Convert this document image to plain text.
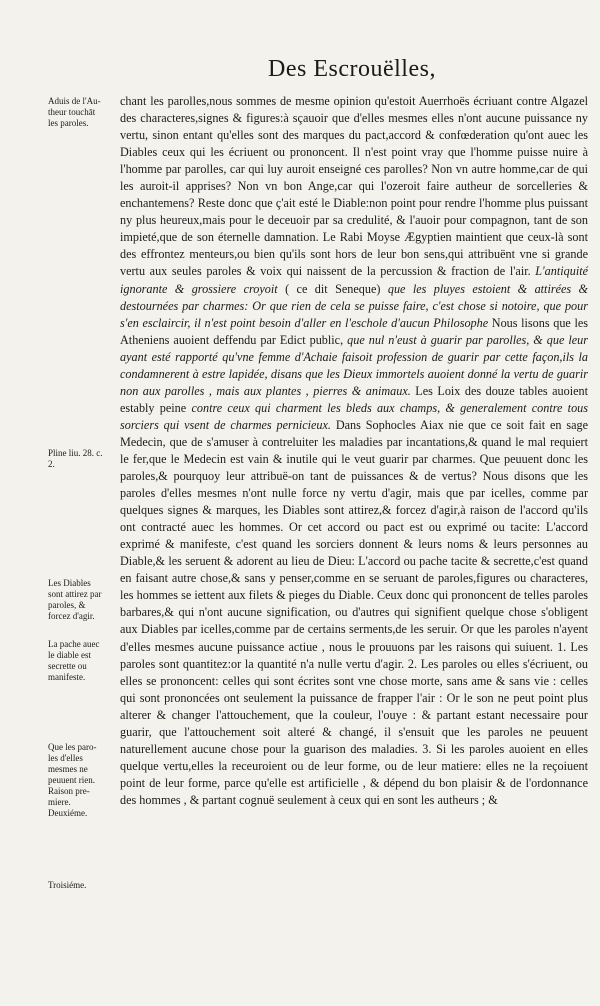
Des Escrouëlles,
Aduis de l'Au-
theur touchāt
les paroles.
Pline liu. 28. c.
2.
Les Diables
sont attirez par
paroles, &
forcez d'agir.
La pache auec
le diable est
secrette ou
manifeste.
Que les paro-
les d'elles
mesmes ne
peuuent rien.
Raison pre-
miere.
Deuxiéme.
Troisiéme.

chant les parolles,nous sommes de mesme opinion qu'estoit Auerrhoës écriuant contre Algazel des characteres,signes & figures:à sçauoir que d'elles mesmes elles n'ont aucune puissance ny vertu, sinon entant qu'elles sont des marques du pact,accord & confœderation qu'ont auec les Diables ceux qui les écriuent ou prononcent. Il n'est point vray que l'homme puisse nuire à l'homme par parolles, car qui luy auroit enseigné ces parolles? Non vn autre homme,car de qui les auroit-il apprises? Non vn bon Ange,car qui l'ozeroit faire autheur de sorcelleries & enchantemens? Reste donc que ç'ait esté le Diable:non point pour rendre l'homme plus puissant ny plus heureux,mais pour le deceuoir par sa credulité, & l'auoir pour compagnon, tant de son impieté,que de son éternelle damnation. Le Rabi Moyse Ægyptien maintient que ceux-là sont des effrontez menteurs,ou bien qu'ils sont hors de leur bon sens,qui attribuënt vne si grande vertu aux seules paroles & voix qui naissent de la percussion & fraction de l'air. L'antiquité ignorante & grossiere croyoit ( ce dit Seneque) que les pluyes estoient & attirées & destournées par charmes: Or que rien de cela se puisse faire, c'est chose si notoire, que pour s'en esclaircir, il n'est point besoin d'aller en l'eschole d'aucun Philosophe Nous lisons que les Atheniens auoient deffendu par Edict public, que nul n'eust à guarir par parolles, & que leur ayant esté rapporté qu'vne femme d'Achaie faisoit profession de guarir par cette façon,ils la condamnerent à estre lapidée, disans que les Dieux immortels auoient donné la vertu de guarir non aux parolles , mais aux plantes , pierres & animaux. Les Loix des douze tables auoient estably peine contre ceux qui charment les bleds aux champs, & generalement contre tous sorciers qui vsent de charmes pernicieux. Dans Sophocles Aiax nie que ce soit fait en sage Medecin, que de s'amuser à contreluiter les maladies par incantations,& quand le mal requiert le fer,que le Medecin est vain & inutile qui le veut guarir par charmes. Que peuuent donc les paroles,& pourquoy leur attribuë-on tant de puissances & de vertus? Nous disons que les paroles d'elles mesmes n'ont nulle force ny vertu d'agir, mais que par icelles, comme par quelques signes & marques, les Diables sont attirez,& forcez d'agir,à raison de l'accord qu'ils ont contracté auec les hommes. Or cet accord ou pact est ou exprimé ou tacite: L'accord exprimé & manifeste, c'est quand les sorciers donnent & leurs noms & leurs personnes au Diable,& les seruent & adorent au lieu de Dieu: L'accord ou pache tacite & secrette,c'est quand en faisant autre chose,& sans y penser,comme en se seruant de paroles,figures ou characteres, les hommes se iettent aux filets & pieges du Diable. Ceux donc qui prononcent de telles paroles barbares,& qui n'ont aucune signification, ou d'autres qui signifient quelque chose s'obligent aux Diables par icelles,comme par de certains serments,de les seruir. Or que les paroles n'ayent d'elles mesmes aucune puissance actiue , nous le prouuons par les raisons qui suiuent. 1. Les paroles sont quantitez:or la quantité n'a nulle vertu d'agir. 2. Les paroles ou elles s'écriuent, ou elles se prononcent: celles qui sont écrites sont vne chose morte, sans ame & sans vie : celles qui sont prononcées ont seulement la puissance de frapper l'air : Or le son ne peut point plus alterer & changer l'attouchement, que la couleur, l'ouye : & partant estant necessaire pour guarir, que l'attouchement soit alteré & changé, il s'ensuit que les paroles ne peuuent naturellement aucune chose pour la guarison des maladies. 3. Si les paroles auoient en elles quelque vertu,elles la receuroient ou de leur forme, ou de leur matiere: elles ne la reçoiuent point de leur forme, parce qu'elle est artificielle , & dépend du bon plaisir & de l'ordonnance des hommes , & partant cognuë seulement à ceux qui en sont les autheurs ; &
